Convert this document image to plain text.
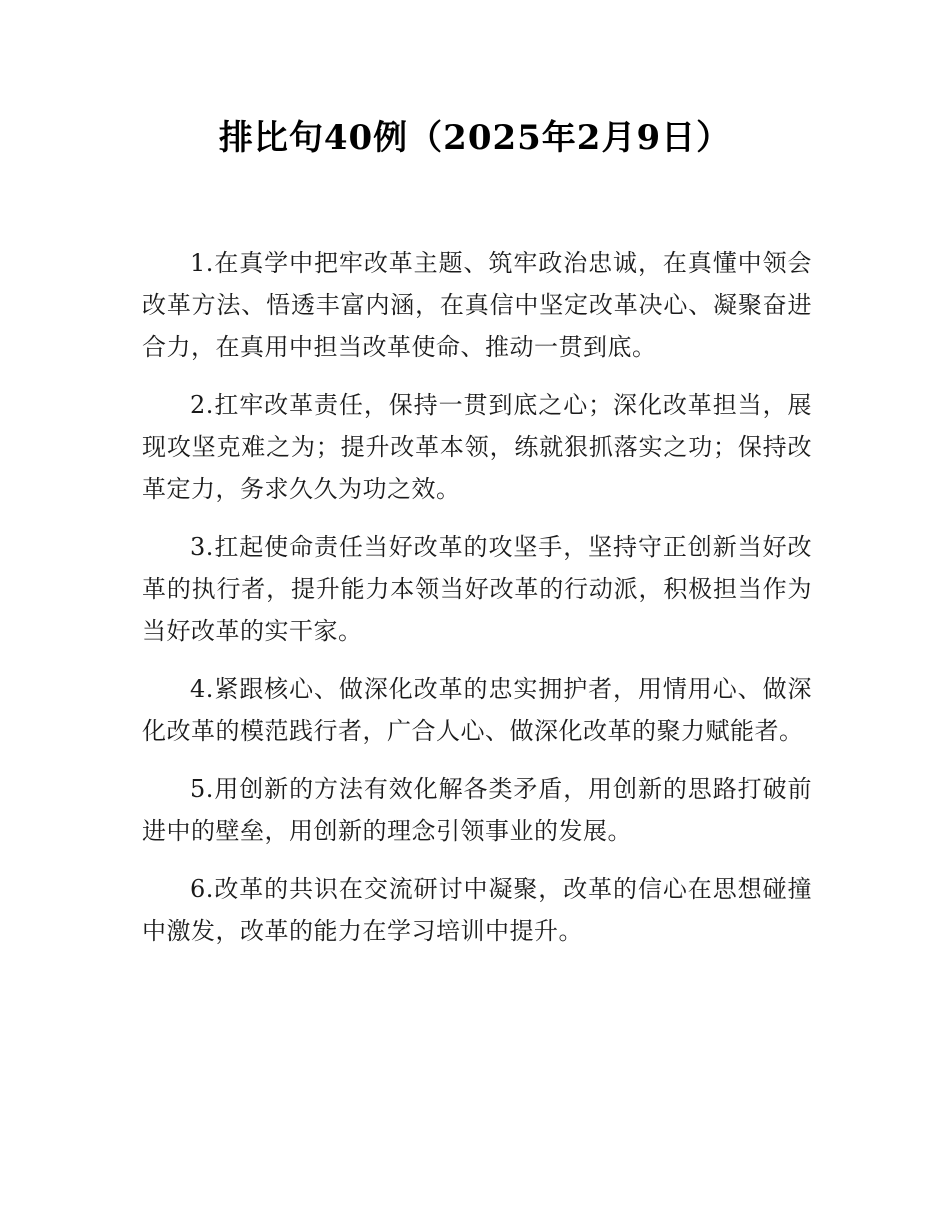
排比句40例（2025年2月9日）

1.在真学中把牢改革主题、筑牢政治忠诚，在真懂中领会改革方法、悟透丰富内涵，在真信中坚定改革决心、凝聚奋进合力，在真用中担当改革使命、推动一贯到底。

2.扛牢改革责任，保持一贯到底之心；深化改革担当，展现攻坚克难之为；提升改革本领，练就狠抓落实之功；保持改革定力，务求久久为功之效。

3.扛起使命责任当好改革的攻坚手，坚持守正创新当好改革的执行者，提升能力本领当好改革的行动派，积极担当作为当好改革的实干家。

4.紧跟核心、做深化改革的忠实拥护者，用情用心、做深化改革的模范践行者，广合人心、做深化改革的聚力赋能者。

5.用创新的方法有效化解各类矛盾，用创新的思路打破前进中的壁垒，用创新的理念引领事业的发展。

6.改革的共识在交流研讨中凝聚，改革的信心在思想碰撞中激发，改革的能力在学习培训中提升。
